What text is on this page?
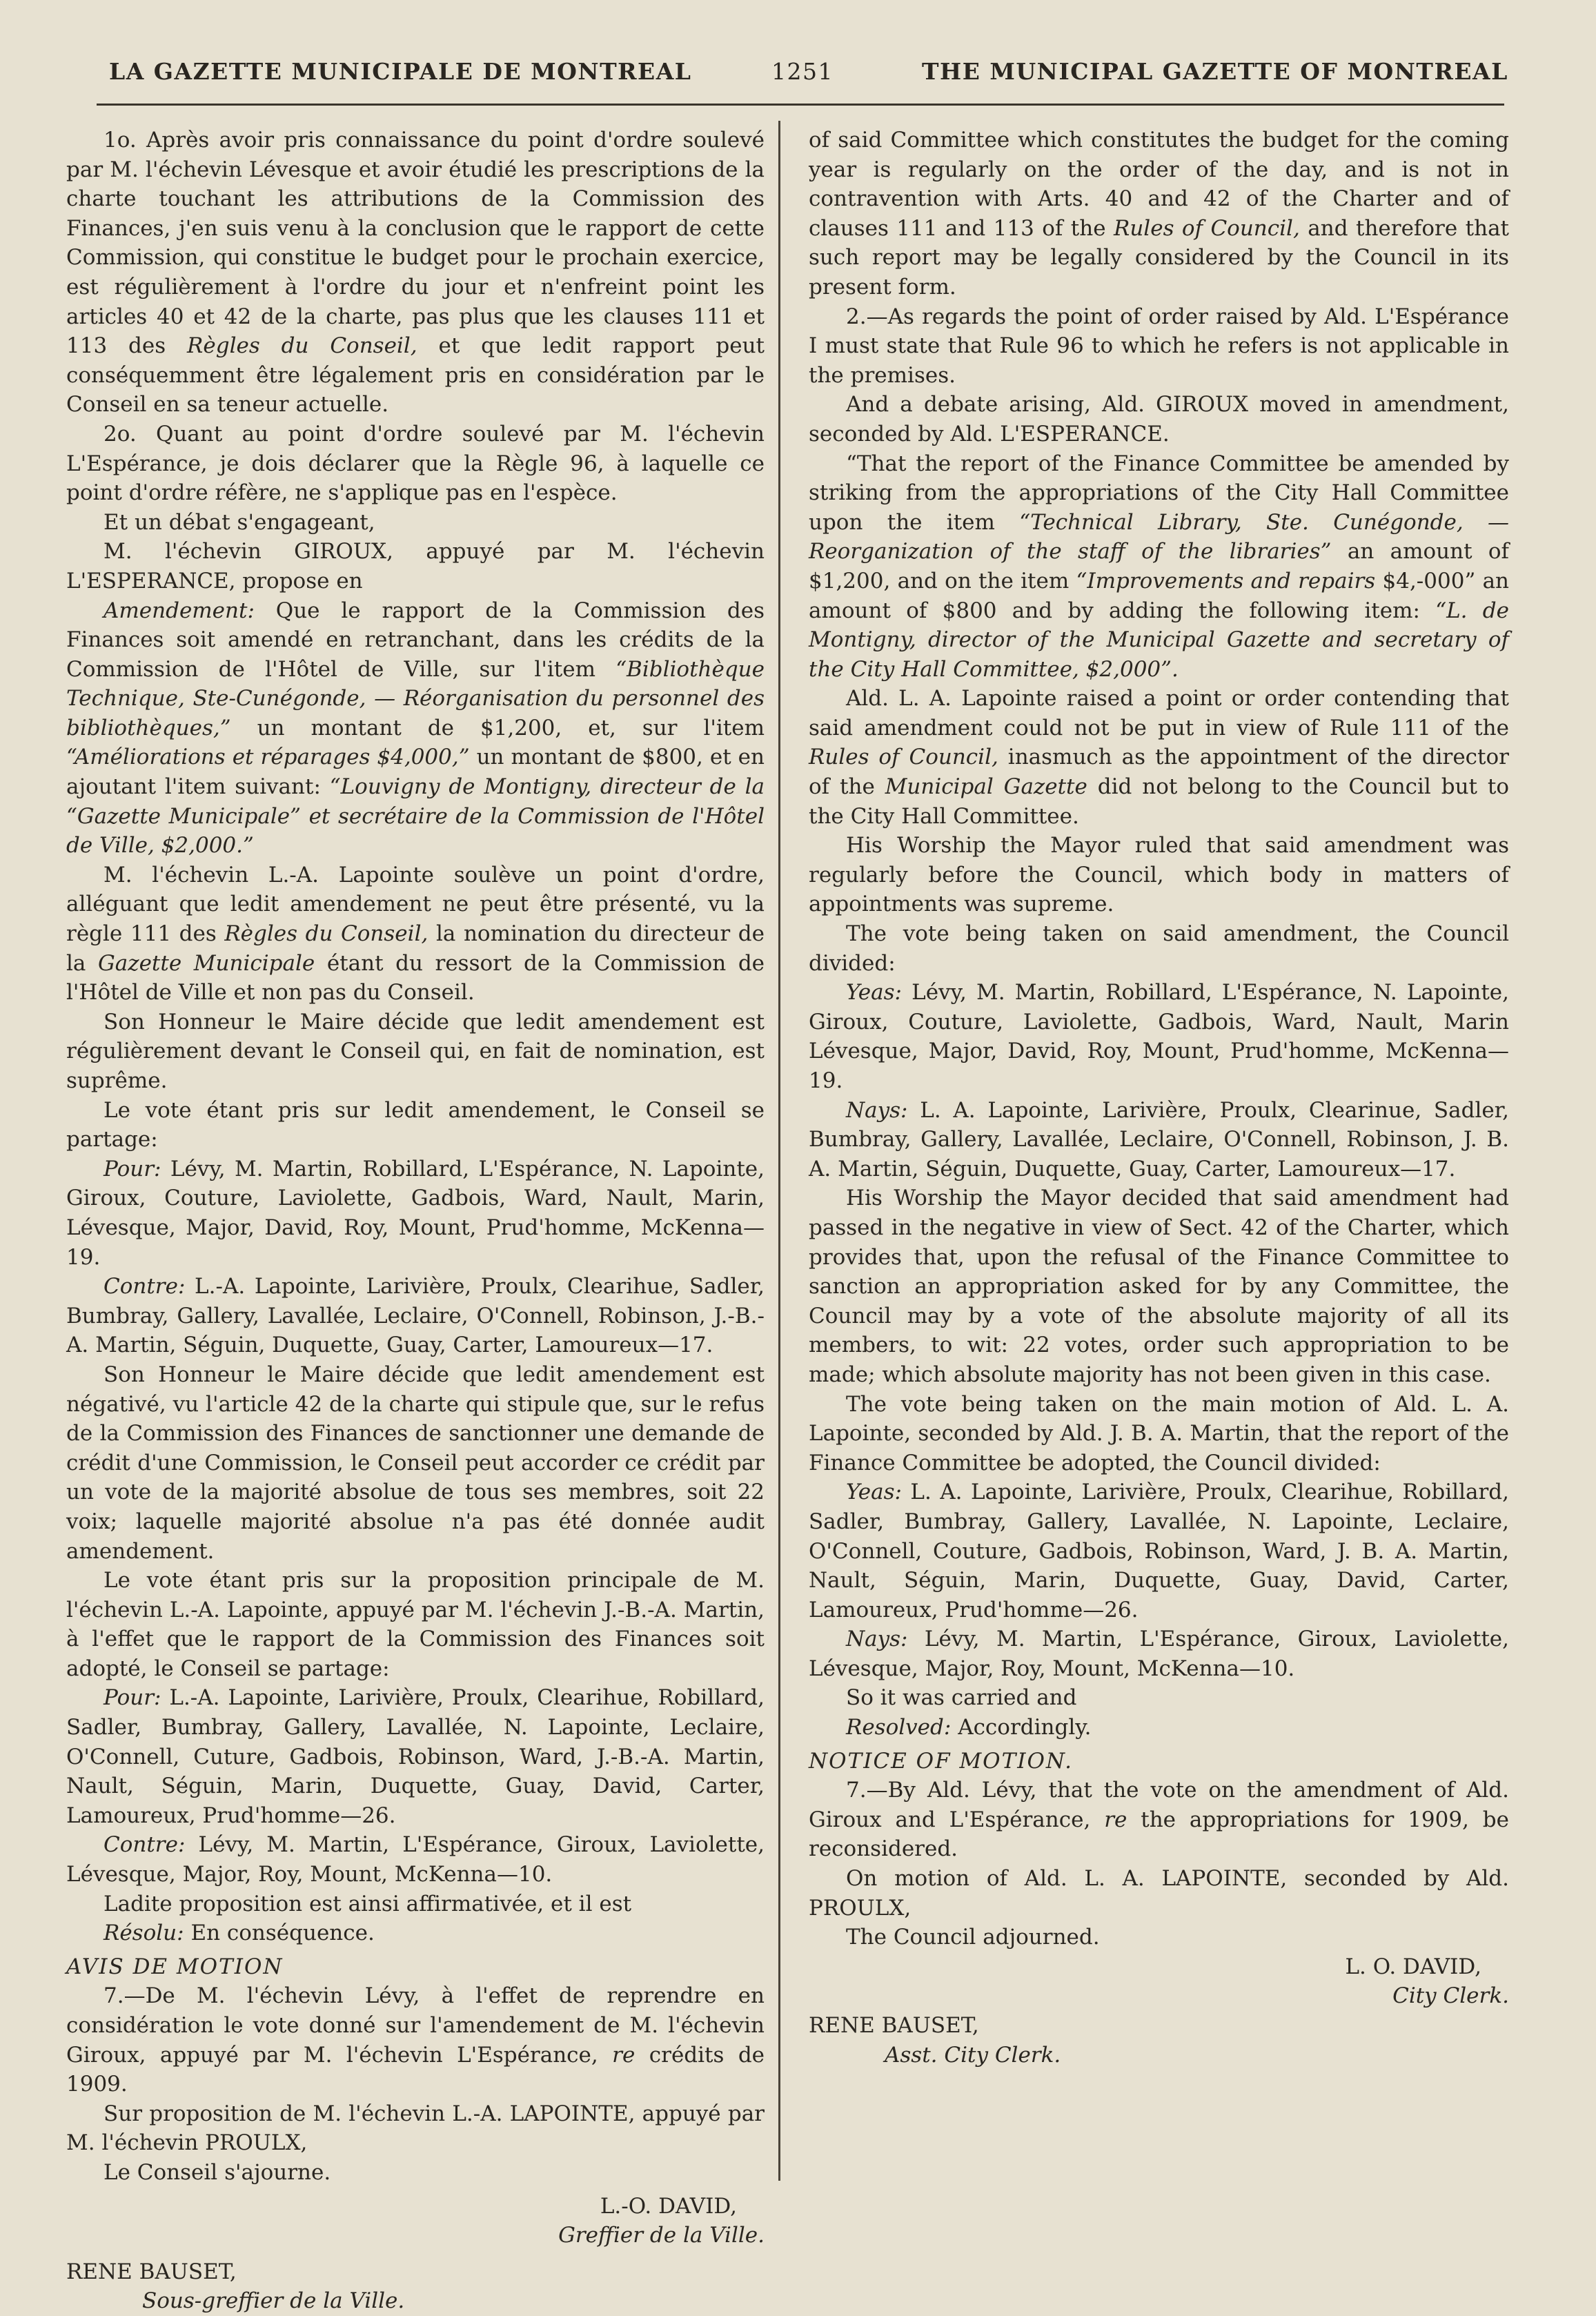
LA GAZETTE MUNICIPALE DE MONTREAL	1251	THE MUNICIPAL GAZETTE OF MONTREAL

1o. Après avoir pris connaissance du point d'ordre soulevé par M. l'échevin Lévesque et avoir étudié les prescriptions de la charte touchant les attributions de la Commission des Finances, j'en suis venu à la conclusion que le rapport de cette Commission, qui constitue le budget pour le prochain exercice, est régulièrement à l'ordre du jour et n'enfreint point les articles 40 et 42 de la charte, pas plus que les clauses 111 et 113 des Règles du Conseil, et que ledit rapport peut conséquemment être légalement pris en considération par le Conseil en sa teneur actuelle.

2o. Quant au point d'ordre soulevé par M. l'échevin L'Espérance, je dois déclarer que la Règle 96, à laquelle ce point d'ordre réfère, ne s'applique pas en l'espèce.

Et un débat s'engageant,

M. l'échevin GIROUX, appuyé par M. l'échevin L'ESPERANCE, propose en

Amendement: Que le rapport de la Commission des Finances soit amendé en retranchant, dans les crédits de la Commission de l'Hôtel de Ville, sur l'item “Bibliothèque Technique, Ste-Cunégonde, — Réorganisation du personnel des bibliothèques,” un montant de $1,200, et, sur l'item “Améliorations et réparages $4,000,” un montant de $800, et en ajoutant l'item suivant: “Louvigny de Montigny, directeur de la “Gazette Municipale” et secrétaire de la Commission de l'Hôtel de Ville, $2,000.”

M. l'échevin L.-A. Lapointe soulève un point d'ordre, alléguant que ledit amendement ne peut être présenté, vu la règle 111 des Règles du Conseil, la nomination du directeur de la Gazette Municipale étant du ressort de la Commission de l'Hôtel de Ville et non pas du Conseil.

Son Honneur le Maire décide que ledit amendement est régulièrement devant le Conseil qui, en fait de nomination, est suprême.

Le vote étant pris sur ledit amendement, le Conseil se partage:

Pour: Lévy, M. Martin, Robillard, L'Espérance, N. Lapointe, Giroux, Couture, Laviolette, Gadbois, Ward, Nault, Marin, Lévesque, Major, David, Roy, Mount, Prud'homme, McKenna—19.

Contre: L.-A. Lapointe, Larivière, Proulx, Clearihue, Sadler, Bumbray, Gallery, Lavallée, Leclaire, O'Connell, Robinson, J.-B.-A. Martin, Séguin, Duquette, Guay, Carter, Lamoureux—17.

Son Honneur le Maire décide que ledit amendement est négativé, vu l'article 42 de la charte qui stipule que, sur le refus de la Commission des Finances de sanctionner une demande de crédit d'une Commission, le Conseil peut accorder ce crédit par un vote de la majorité absolue de tous ses membres, soit 22 voix; laquelle majorité absolue n'a pas été donnée audit amendement.

Le vote étant pris sur la proposition principale de M. l'échevin L.-A. Lapointe, appuyé par M. l'échevin J.-B.-A. Martin, à l'effet que le rapport de la Commission des Finances soit adopté, le Conseil se partage:

Pour: L.-A. Lapointe, Larivière, Proulx, Clearihue, Robillard, Sadler, Bumbray, Gallery, Lavallée, N. Lapointe, Leclaire, O'Connell, Cuture, Gadbois, Robinson, Ward, J.-B.-A. Martin, Nault, Séguin, Marin, Duquette, Guay, David, Carter, Lamoureux, Prud'homme—26.

Contre: Lévy, M. Martin, L'Espérance, Giroux, Laviolette, Lévesque, Major, Roy, Mount, McKenna—10.

Ladite proposition est ainsi affirmativée, et il est

Résolu: En conséquence.

AVIS DE MOTION

7.—De M. l'échevin Lévy, à l'effet de reprendre en considération le vote donné sur l'amendement de M. l'échevin Giroux, appuyé par M. l'échevin L'Espérance, re crédits de 1909.

Sur proposition de M. l'échevin L.-A. LAPOINTE, appuyé par M. l'échevin PROULX,

Le Conseil s'ajourne.

L.-O. DAVID,

Greffier de la Ville.

RENE BAUSET,

Sous-greffier de la Ville.

of said Committee which constitutes the budget for the coming year is regularly on the order of the day, and is not in contravention with Arts. 40 and 42 of the Charter and of clauses 111 and 113 of the Rules of Council, and therefore that such report may be legally considered by the Council in its present form.

2.—As regards the point of order raised by Ald. L'Espérance I must state that Rule 96 to which he refers is not applicable in the premises.

And a debate arising, Ald. GIROUX moved in amendment, seconded by Ald. L'ESPERANCE.

“That the report of the Finance Committee be amended by striking from the appropriations of the City Hall Committee upon the item “Technical Library, Ste. Cunégonde, —Reorganization of the staff of the libraries” an amount of $1,200, and on the item “Improvements and repairs $4,-000” an amount of $800 and by adding the following item: “L. de Montigny, director of the Municipal Gazette and secretary of the City Hall Committee, $2,000”.

Ald. L. A. Lapointe raised a point or order contending that said amendment could not be put in view of Rule 111 of the Rules of Council, inasmuch as the appointment of the director of the Municipal Gazette did not belong to the Council but to the City Hall Committee.

His Worship the Mayor ruled that said amendment was regularly before the Council, which body in matters of appointments was supreme.

The vote being taken on said amendment, the Council divided:

Yeas: Lévy, M. Martin, Robillard, L'Espérance, N. Lapointe, Giroux, Couture, Laviolette, Gadbois, Ward, Nault, Marin Lévesque, Major, David, Roy, Mount, Prud'homme, McKenna—19.

Nays: L. A. Lapointe, Larivière, Proulx, Clearinue, Sadler, Bumbray, Gallery, Lavallée, Leclaire, O'Connell, Robinson, J. B. A. Martin, Séguin, Duquette, Guay, Carter, Lamoureux—17.

His Worship the Mayor decided that said amendment had passed in the negative in view of Sect. 42 of the Charter, which provides that, upon the refusal of the Finance Committee to sanction an appropriation asked for by any Committee, the Council may by a vote of the absolute majority of all its members, to wit: 22 votes, order such appropriation to be made; which absolute majority has not been given in this case.

The vote being taken on the main motion of Ald. L. A. Lapointe, seconded by Ald. J. B. A. Martin, that the report of the Finance Committee be adopted, the Council divided:

Yeas: L. A. Lapointe, Larivière, Proulx, Clearihue, Robillard, Sadler, Bumbray, Gallery, Lavallée, N. Lapointe, Leclaire, O'Connell, Couture, Gadbois, Robinson, Ward, J. B. A. Martin, Nault, Séguin, Marin, Duquette, Guay, David, Carter, Lamoureux, Prud'homme—26.

Nays: Lévy, M. Martin, L'Espérance, Giroux, Laviolette, Lévesque, Major, Roy, Mount, McKenna—10.

So it was carried and

Resolved: Accordingly.

NOTICE OF MOTION.

7.—By Ald. Lévy, that the vote on the amendment of Ald. Giroux and L'Espérance, re the appropriations for 1909, be reconsidered.

On motion of Ald. L. A. LAPOINTE, seconded by Ald. PROULX,

The Council adjourned.

L. O. DAVID,

City Clerk.

RENE BAUSET,

Asst. City Clerk.
